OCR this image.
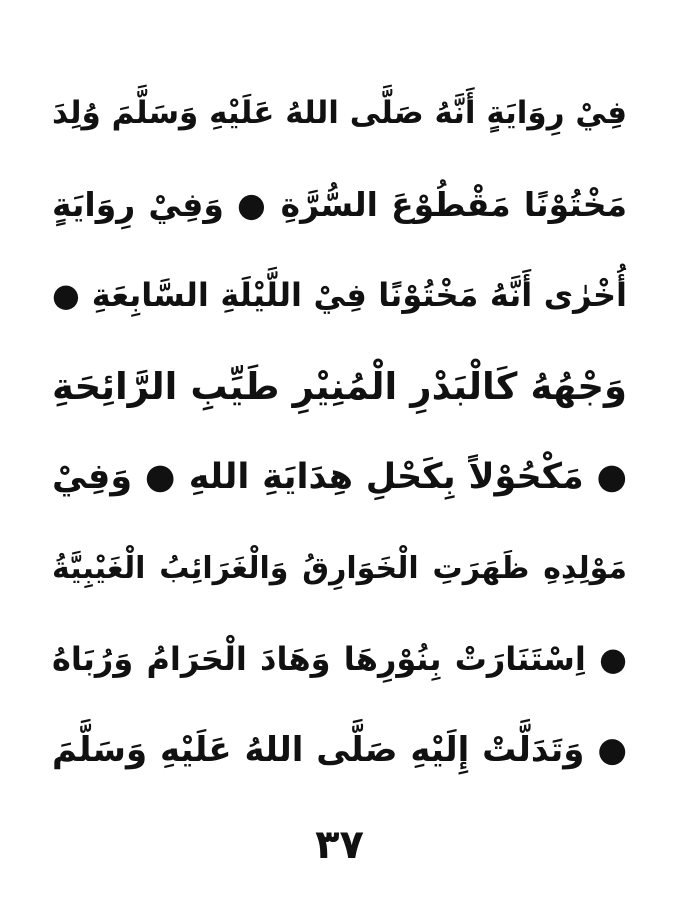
فِيْ رِوَايَةٍ أَنَّهُ صَلَّى اللهُ عَلَيْهِ وَسَلَّمَ وُلِدَ
مَخْتُوْنًا مَقْطُوْعَ السُّرَّةِ ● وَفِيْ رِوَايَةٍ
أُخْرٰى أَنَّهُ مَخْتُوْنًا فِيْ اللَّيْلَةِ السَّابِعَةِ ●
وَجْهُهُ كَالْبَدْرِ الْمُنِيْرِ طَيِّبِ الرَّائِحَةِ
● مَكْحُوْلاً بِكَحْلِ هِدَايَةِ اللهِ ● وَفِيْ
مَوْلِدِهِ ظَهَرَتِ الْخَوَارِقُ وَالْغَرَائِبُ الْغَيْبِيَّةُ
● اِسْتَنَارَتْ بِنُوْرِهَا وَهَادَ الْحَرَامُ وَرُبَاهُ
● وَتَدَلَّتْ إِلَيْهِ صَلَّى اللهُ عَلَيْهِ وَسَلَّمَ
٣٧
